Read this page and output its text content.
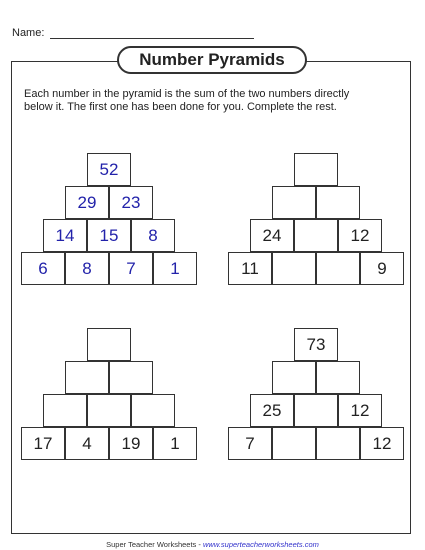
Name:
Number Pyramids

Each number in the pyramid is the sum of the two numbers directly below it. The first one has been done for you. Complete the rest.

Super Teacher Worksheets - www.superteacherworksheets.com
52
29	23
14	15	8
6	8	7	1
24	12
11	9
17	4	19	1
73
25	12
7	12
